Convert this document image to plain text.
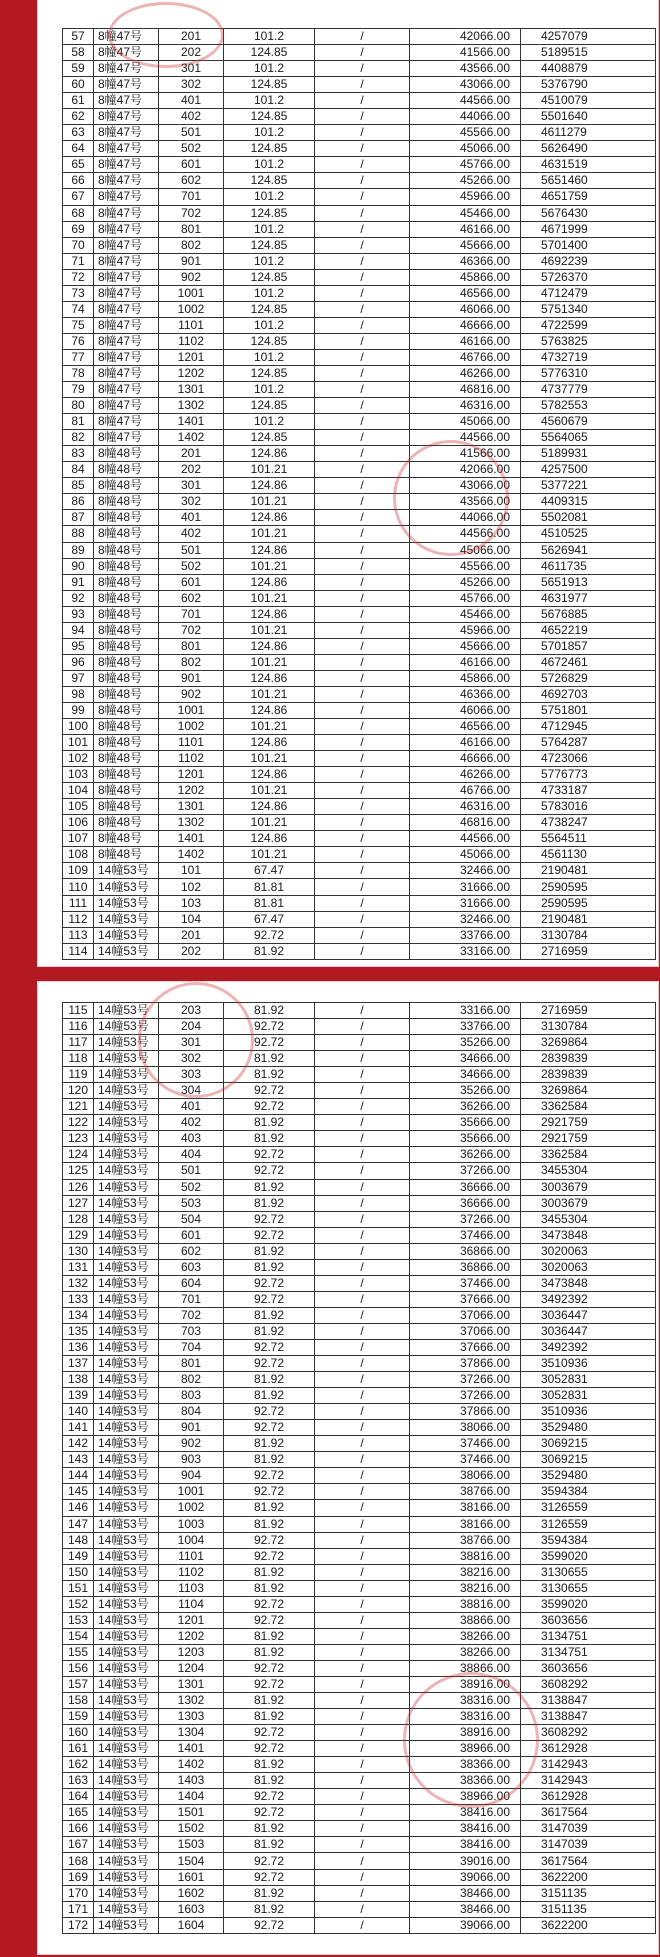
搜狐号@搜狐焦点李感站
57	8幢47号	201	101.2	/	42066.00	4257079
58	8幢47号	202	124.85	/	41566.00	5189515
59	8幢47号	301	101.2	/	43566.00	4408879
60	8幢47号	302	124.85	/	43066.00	5376790
61	8幢47号	401	101.2	/	44566.00	4510079
62	8幢47号	402	124.85	/	44066.00	5501640
63	8幢47号	501	101.2	/	45566.00	4611279
64	8幢47号	502	124.85	/	45066.00	5626490
65	8幢47号	601	101.2	/	45766.00	4631519
66	8幢47号	602	124.85	/	45266.00	5651460
67	8幢47号	701	101.2	/	45966.00	4651759
68	8幢47号	702	124.85	/	45466.00	5676430
69	8幢47号	801	101.2	/	46166.00	4671999
70	8幢47号	802	124.85	/	45666.00	5701400
71	8幢47号	901	101.2	/	46366.00	4692239
72	8幢47号	902	124.85	/	45866.00	5726370
73	8幢47号	1001	101.2	/	46566.00	4712479
74	8幢47号	1002	124.85	/	46066.00	5751340
75	8幢47号	1101	101.2	/	46666.00	4722599
76	8幢47号	1102	124.85	/	46166.00	5763825
77	8幢47号	1201	101.2	/	46766.00	4732719
78	8幢47号	1202	124.85	/	46266.00	5776310
79	8幢47号	1301	101.2	/	46816.00	4737779
80	8幢47号	1302	124.85	/	46316.00	5782553
81	8幢47号	1401	101.2	/	45066.00	4560679
82	8幢47号	1402	124.85	/	44566.00	5564065
83	8幢48号	201	124.86	/	41566.00	5189931
84	8幢48号	202	101.21	/	42066.00	4257500
85	8幢48号	301	124.86	/	43066.00	5377221
86	8幢48号	302	101.21	/	43566.00	4409315
87	8幢48号	401	124.86	/	44066.00	5502081
88	8幢48号	402	101.21	/	44566.00	4510525
89	8幢48号	501	124.86	/	45066.00	5626941
90	8幢48号	502	101.21	/	45566.00	4611735
91	8幢48号	601	124.86	/	45266.00	5651913
92	8幢48号	602	101.21	/	45766.00	4631977
93	8幢48号	701	124.86	/	45466.00	5676885
94	8幢48号	702	101.21	/	45966.00	4652219
95	8幢48号	801	124.86	/	45666.00	5701857
96	8幢48号	802	101.21	/	46166.00	4672461
97	8幢48号	901	124.86	/	45866.00	5726829
98	8幢48号	902	101.21	/	46366.00	4692703
99	8幢48号	1001	124.86	/	46066.00	5751801
100	8幢48号	1002	101.21	/	46566.00	4712945
101	8幢48号	1101	124.86	/	46166.00	5764287
102	8幢48号	1102	101.21	/	46666.00	4723066
103	8幢48号	1201	124.86	/	46266.00	5776773
104	8幢48号	1202	101.21	/	46766.00	4733187
105	8幢48号	1301	124.86	/	46316.00	5783016
106	8幢48号	1302	101.21	/	46816.00	4738247
107	8幢48号	1401	124.86	/	44566.00	5564511
108	8幢48号	1402	101.21	/	45066.00	4561130
109	14幢53号	101	67.47	/	32466.00	2190481
110	14幢53号	102	81.81	/	31666.00	2590595
111	14幢53号	103	81.81	/	31666.00	2590595
112	14幢53号	104	67.47	/	32466.00	2190481
113	14幢53号	201	92.72	/	33766.00	3130784
114	14幢53号	202	81.92	/	33166.00	2716959
115	14幢53号	203	81.92	/	33166.00	2716959
116	14幢53号	204	92.72	/	33766.00	3130784
117	14幢53号	301	92.72	/	35266.00	3269864
118	14幢53号	302	81.92	/	34666.00	2839839
119	14幢53号	303	81.92	/	34666.00	2839839
120	14幢53号	304	92.72	/	35266.00	3269864
121	14幢53号	401	92.72	/	36266.00	3362584
122	14幢53号	402	81.92	/	35666.00	2921759
123	14幢53号	403	81.92	/	35666.00	2921759
124	14幢53号	404	92.72	/	36266.00	3362584
125	14幢53号	501	92.72	/	37266.00	3455304
126	14幢53号	502	81.92	/	36666.00	3003679
127	14幢53号	503	81.92	/	36666.00	3003679
128	14幢53号	504	92.72	/	37266.00	3455304
129	14幢53号	601	92.72	/	37466.00	3473848
130	14幢53号	602	81.92	/	36866.00	3020063
131	14幢53号	603	81.92	/	36866.00	3020063
132	14幢53号	604	92.72	/	37466.00	3473848
133	14幢53号	701	92.72	/	37666.00	3492392
134	14幢53号	702	81.92	/	37066.00	3036447
135	14幢53号	703	81.92	/	37066.00	3036447
136	14幢53号	704	92.72	/	37666.00	3492392
137	14幢53号	801	92.72	/	37866.00	3510936
138	14幢53号	802	81.92	/	37266.00	3052831
139	14幢53号	803	81.92	/	37266.00	3052831
140	14幢53号	804	92.72	/	37866.00	3510936
141	14幢53号	901	92.72	/	38066.00	3529480
142	14幢53号	902	81.92	/	37466.00	3069215
143	14幢53号	903	81.92	/	37466.00	3069215
144	14幢53号	904	92.72	/	38066.00	3529480
145	14幢53号	1001	92.72	/	38766.00	3594384
146	14幢53号	1002	81.92	/	38166.00	3126559
147	14幢53号	1003	81.92	/	38166.00	3126559
148	14幢53号	1004	92.72	/	38766.00	3594384
149	14幢53号	1101	92.72	/	38816.00	3599020
150	14幢53号	1102	81.92	/	38216.00	3130655
151	14幢53号	1103	81.92	/	38216.00	3130655
152	14幢53号	1104	92.72	/	38816.00	3599020
153	14幢53号	1201	92.72	/	38866.00	3603656
154	14幢53号	1202	81.92	/	38266.00	3134751
155	14幢53号	1203	81.92	/	38266.00	3134751
156	14幢53号	1204	92.72	/	38866.00	3603656
157	14幢53号	1301	92.72	/	38916.00	3608292
158	14幢53号	1302	81.92	/	38316.00	3138847
159	14幢53号	1303	81.92	/	38316.00	3138847
160	14幢53号	1304	92.72	/	38916.00	3608292
161	14幢53号	1401	92.72	/	38966.00	3612928
162	14幢53号	1402	81.92	/	38366.00	3142943
163	14幢53号	1403	81.92	/	38366.00	3142943
164	14幢53号	1404	92.72	/	38966.00	3612928
165	14幢53号	1501	92.72	/	38416.00	3617564
166	14幢53号	1502	81.92	/	38416.00	3147039
167	14幢53号	1503	81.92	/	38416.00	3147039
168	14幢53号	1504	92.72	/	39016.00	3617564
169	14幢53号	1601	92.72	/	39066.00	3622200
170	14幢53号	1602	81.92	/	38466.00	3151135
171	14幢53号	1603	81.92	/	38466.00	3151135
172	14幢53号	1604	92.72	/	39066.00	3622200
